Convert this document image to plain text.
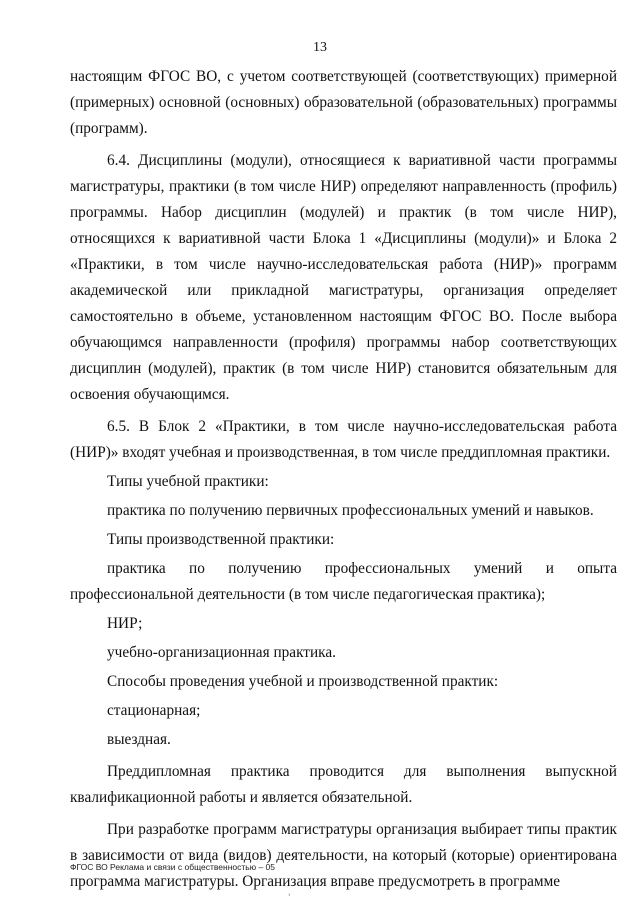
13

настоящим ФГОС ВО, с учетом соответствующей (соответствующих) примерной (примерных) основной (основных) образовательной (образовательных) программы (программ).

6.4. Дисциплины (модули), относящиеся к вариативной части программы магистратуры, практики (в том числе НИР) определяют направленность (профиль) программы. Набор дисциплин (модулей) и практик (в том числе НИР), относящихся к вариативной части Блока 1 «Дисциплины (модули)» и Блока 2 «Практики, в том числе научно-исследовательская работа (НИР)» программ академической или прикладной магистратуры, организация определяет самостоятельно в объеме, установленном настоящим ФГОС ВО. После выбора обучающимся направленности (профиля) программы набор соответствующих дисциплин (модулей), практик (в том числе НИР) становится обязательным для освоения обучающимся.

6.5. В Блок 2 «Практики, в том числе научно-исследовательская работа (НИР)» входят учебная и производственная, в том числе преддипломная практики.

Типы учебной практики:

практика по получению первичных профессиональных умений и навыков.

Типы производственной практики:

практика по получению профессиональных умений и опыта

профессиональной деятельности (в том числе педагогическая практика);

НИР;

учебно-организационная практика.

Способы проведения учебной и производственной практик:

стационарная;

выездная.

Преддипломная практика проводится для выполнения выпускной квалификационной работы и является обязательной.

При разработке программ магистратуры организация выбирает типы практик в зависимости от вида (видов) деятельности, на который (которые) ориентирована программа магистратуры. Организация вправе предусмотреть в программе

ФГОС ВО Реклама и связи с общественностью – 05
'
